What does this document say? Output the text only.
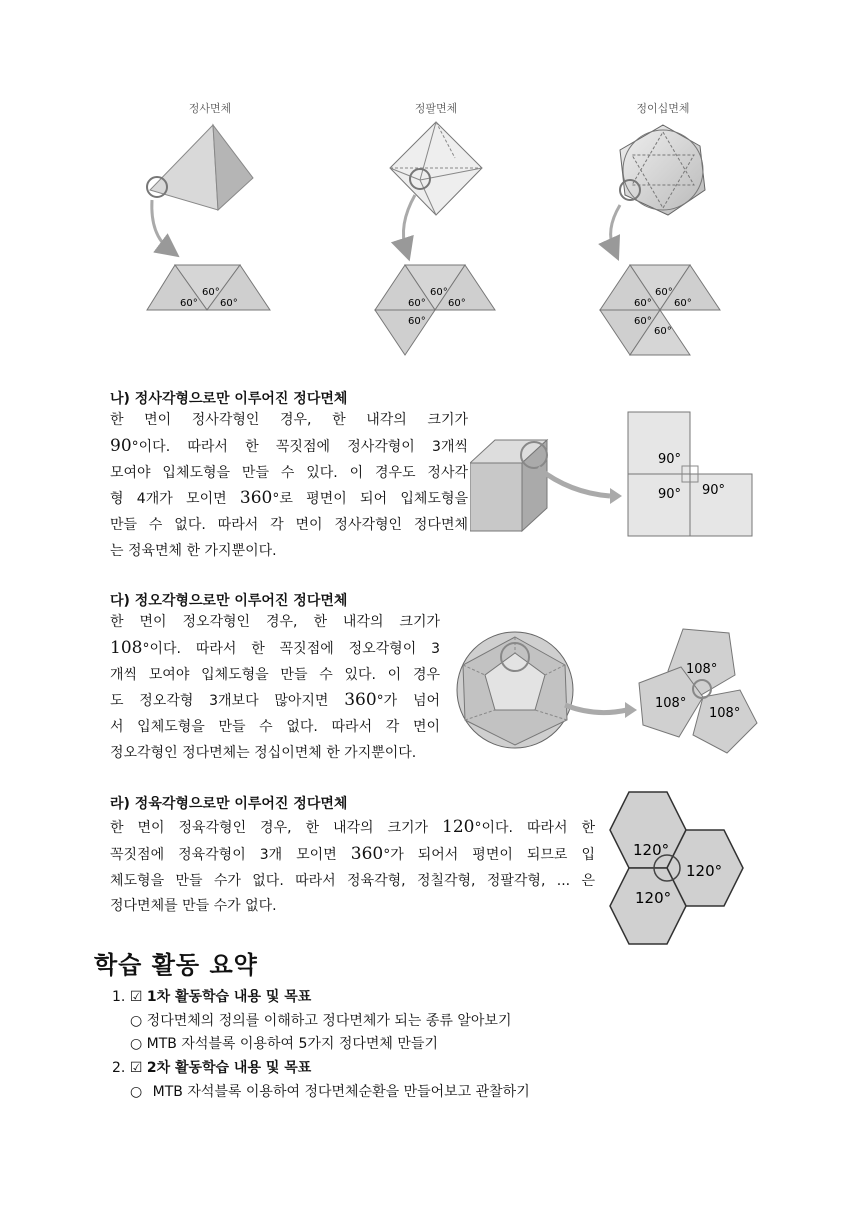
정사면체	정팔면체	정이십면체
60°
60° 60°
60°
60° 60°
60°
60°
60° 60°
60°
60°
나) 정사각형으로만 이루어진 정다면체
한 면이 정사각형인 경우, 한 내각의 크기가
90°이다. 따라서 한 꼭짓점에 정사각형이 3개씩
모여야 입체도형을 만들 수 있다. 이 경우도 정사각
형 4개가 모이면 360°로 평면이 되어 입체도형을
만들 수 없다. 따라서 각 면이 정사각형인 정다면체
는 정육면체 한 가지뿐이다.
90°
90° 90°
다) 정오각형으로만 이루어진 정다면체
한 면이 정오각형인 경우, 한 내각의 크기가
108°이다. 따라서 한 꼭짓점에 정오각형이 3
개씩 모여야 입체도형을 만들 수 있다. 이 경우
도 정오각형 3개보다 많아지면 360°가 넘어
서 입체도형을 만들 수 없다. 따라서 각 면이
정오각형인 정다면체는 정십이면체 한 가지뿐이다.
108°
108°
108°
라) 정육각형으로만 이루어진 정다면체
한 면이 정육각형인 경우, 한 내각의 크기가 120°이다. 따라서 한
꼭짓점에 정육각형이 3개 모이면 360°가 되어서 평면이 되므로 입
체도형을 만들 수가 없다. 따라서 정육각형, 정칠각형, 정팔각형, ... 은
정다면체를 만들 수가 없다.
120°
120°
120°
학습 활동 요약
1. ☑ 1차 활동학습 내용 및 목표
○ 정다면체의 정의를 이해하고 정다면체가 되는 종류 알아보기
○ MTB 자석블록 이용하여 5가지 정다면체 만들기
2. ☑ 2차 활동학습 내용 및 목표
○ MTB 자석블록 이용하여 정다면체순환을 만들어보고 관찰하기
